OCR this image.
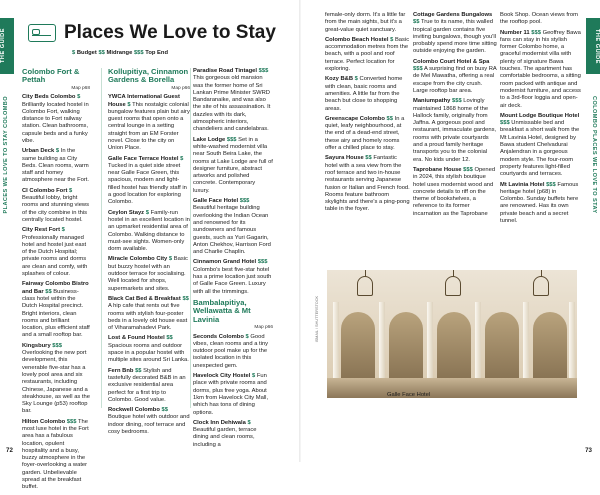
THE GUIDE
PLACES WE LOVE TO STAY COLOMBO
THE GUIDE
COLOMBO PLACES WE LOVE TO STAY
Places We Love to Stay
$ Budget $$ Midrange $$$ Top End
Colombo Fort & Pettah
Map p68
City Beds Colombo $ Brilliantly located hostel in Colombo Fort, walking distance to Fort railway station. Clean bathrooms, capsule beds and a funky vibe.
Urban Deck $ In the same building as City Beds. Clean rooms, warm staff and homey atmosphere near the Fort.
CI Colombo Fort $ Beautiful lobby, bright rooms and stunning views of the city combine in this centrally located hostel.
City Rest Fort $ Professionally managed hotel and hostel just east of the Dutch Hospital; private rooms and dorms are clean and comfy, with splashes of colour.
Fairway Colombo Bistro and Bar $$ Business-class hotel within the Dutch Hospital precinct. Bright interiors, clean rooms and brilliant location, plus efficient staff and a small rooftop bar.
Kingsbury $$$ Overlooking the new port development, this venerable five-star has a lovely pool area and six restaurants, including Chinese, Japanese and a steakhouse, as well as the Sky Lounge (p53) rooftop bar.
Hilton Colombo $$$ The most luxe hotel in the Fort area has a fabulous location, opulent hospitality and a busy, buzzy atmosphere in the foyer-overlooking a water garden. Unbelievable spread at the breakfast buffet.
Kollupitiya, Cinnamon Gardens & Borella
Map p66
YWCA International Guest House $ This nostalgic colonial bungalow features plain but airy guest rooms that open onto a central lounge in a setting straight from an EM Forster novel. Close to the city on Union Place.
Galle Face Terrace Hostel $ Tucked in a quiet side street near Galle Face Green, this spacious, modern and light-filled hostel has friendly staff in a good location for exploring Colombo.
Ceylon Stayz $ Family-run hostel in an excellent location in an upmarket residential area of Colombo. Walking distance to must-see sights. Women-only dorm available.
Miracle Colombo City $ Basic but buzzy hostel with an outdoor terrace for socialising. Well located for shops, supermarkets and sites.
Black Cat Bed & Breakfast $$ A hip cafe that rents out five rooms with stylish four-poster beds in a lovely old house east of Viharamahadevi Park.
Lost & Found Hostel $$ Spacious rooms and outdoor space in a popular hostel with multiple sites around Sri Lanka.
Fern Bnb $$ Stylish and tastefully decorated B&B in an exclusive residential area perfect for a first trip to Colombo. Good value.
Rockwell Colombo $$ Boutique hotel with outdoor and indoor dining, roof terrace and cosy bedrooms.
Paradise Road Tintagel $$$ This gorgeous old mansion was the former home of Sri Lankan Prime Minister SWRD Bandaranaike, and was also the site of his assassination. It dazzles with its dark, atmospheric interiors, chandeliers and candelabras.
Lake Lodge $$$ Set in a white-washed modernist villa near South Beira Lake, the rooms at Lake Lodge are full of designer furniture, abstract artworks and polished concrete. Contemporary luxury.
Galle Face Hotel $$$ Beautiful heritage building overlooking the Indian Ocean and renowned for its sundowners and famous guests, such as Yuri Gagarin, Anton Chekhov, Harrison Ford and Charlie Chaplin.
Cinnamon Grand Hotel $$$ Colombo's best five-star hotel has a prime location just south of Galle Face Green. Luxury with all the trimmings.
Bambalapitiya, Wellawatta & Mt Lavinia
Map p66
Seconds Colombo $ Good vibes, clean rooms and a tiny outdoor pool make up for the isolated location in this unexpected gem.
Havelock City Hostel $ Fun place with private rooms and dorms, plus free yoga. About 1km from Havelock City Mall, which has tons of dining options.
Clock Inn Dehiwala $ Beautiful garden, terrace dining and clean rooms, including a
female-only dorm. It's a little far from the main sights, but it's a great-value quiet sanctuary.
Colombo Beach Hostel $ Basic accommodation metres from the beach, with a pool and roof terrace. Perfect location for exploring.
Kozy B&B $ Converted home with clean, basic rooms and amenities. A little far from the beach but close to shopping areas.
Greenscape Colombo $$ In a quiet, leafy neighbourhood, at the end of a dead-end street, these airy and homely rooms offer a chilled place to stay.
Sayura House $$ Fantastic hotel with a sea view from the roof terrace and two in-house restaurants serving Japanese fusion or Italian and French food. Rooms feature bathroom skylights and there's a ping-pong table in the foyer.
Cottage Gardens Bungalows $$ True to its name, this walled tropical garden contains five inviting bungalows, though you'll probably spend more time sitting outside enjoying the garden.
Colombo Court Hotel & Spa $$$ A surprising find on busy RA de Mel Mawatha, offering a real escape from the city crush. Large rooftop bar area.
Maniumpathy $$$ Lovingly maintained 1868 home of the Hallock family, originally from Jaffna. A gorgeous pool and restaurant, immaculate gardens, rooms with private courtyards and a proud family heritage transports you to the colonial era. No kids under 12.
Taprobane House $$$ Opened in 2024, this stylish boutique hotel uses modernist wood and concrete details to riff on the theme of bookshelves, a reference to its former incarnation as the Taprobane
Book Shop. Ocean views from the rooftop pool.
Number 11 $$$ Geoffrey Bawa fans can stay in his stylish former Colombo home, a graceful modernist villa with plenty of signature Bawa touches. The apartment has comfortable bedrooms, a sitting room packed with antique and modernist furniture, and access to a 3rd-floor loggia and open-air deck.
Mount Lodge Boutique Hotel $$$ Unmissable bed and breakfast a short walk from the Mt Lavinia Hotel, designed by Bawa student Chelvadurai Anjalendran in a gorgeous modern style. The four-room property features light-filled courtyards and terraces.
Mt Lavinia Hotel $$$ Famous heritage hotel (p68) in Colombo. Sunday buffets here are renowned. Has its own private beach and a secret tunnel.
ISMAIL / SHUTTERSTOCK
Galle Face Hotel
72	73
